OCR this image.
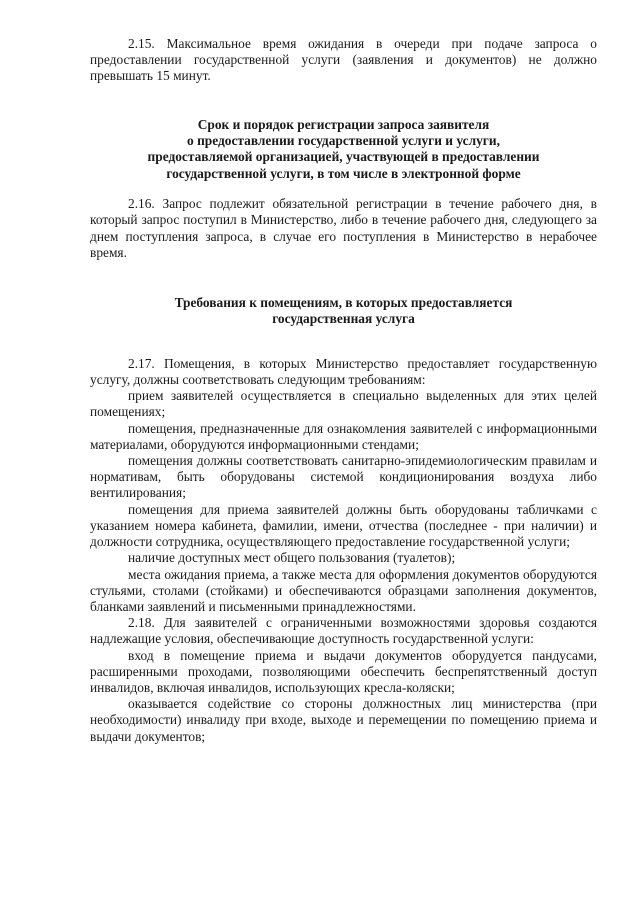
2.15. Максимальное время ожидания в очереди при подаче запроса о предоставлении государственной услуги (заявления и документов) не должно превышать 15 минут.

Срок и порядок регистрации запроса заявителя
о предоставлении государственной услуги и услуги,
предоставляемой организацией, участвующей в предоставлении
государственной услуги, в том числе в электронной форме

2.16. Запрос подлежит обязательной регистрации в течение рабочего дня, в который запрос поступил в Министерство, либо в течение рабочего дня, следующего за днем поступления запроса, в случае его поступления в Министерство в нерабочее время.

Требования к помещениям, в которых предоставляется
государственная услуга

2.17. Помещения, в которых Министерство предоставляет государственную услугу, должны соответствовать следующим требованиям:

прием заявителей осуществляется в специально выделенных для этих целей помещениях;

помещения, предназначенные для ознакомления заявителей с информационными материалами, оборудуются информационными стендами;

помещения должны соответствовать санитарно-эпидемиологическим правилам и нормативам, быть оборудованы системой кондиционирования воздуха либо вентилирования;

помещения для приема заявителей должны быть оборудованы табличками с указанием номера кабинета, фамилии, имени, отчества (последнее - при наличии) и должности сотрудника, осуществляющего предоставление государственной услуги;

наличие доступных мест общего пользования (туалетов);

места ожидания приема, а также места для оформления документов оборудуются стульями, столами (стойками) и обеспечиваются образцами заполнения документов, бланками заявлений и письменными принадлежностями.

2.18. Для заявителей с ограниченными возможностями здоровья создаются надлежащие условия, обеспечивающие доступность государственной услуги:

вход в помещение приема и выдачи документов оборудуется пандусами, расширенными проходами, позволяющими обеспечить беспрепятственный доступ инвалидов, включая инвалидов, использующих кресла-коляски;

оказывается содействие со стороны должностных лиц министерства (при необходимости) инвалиду при входе, выходе и перемещении по помещению приема и выдачи документов;
